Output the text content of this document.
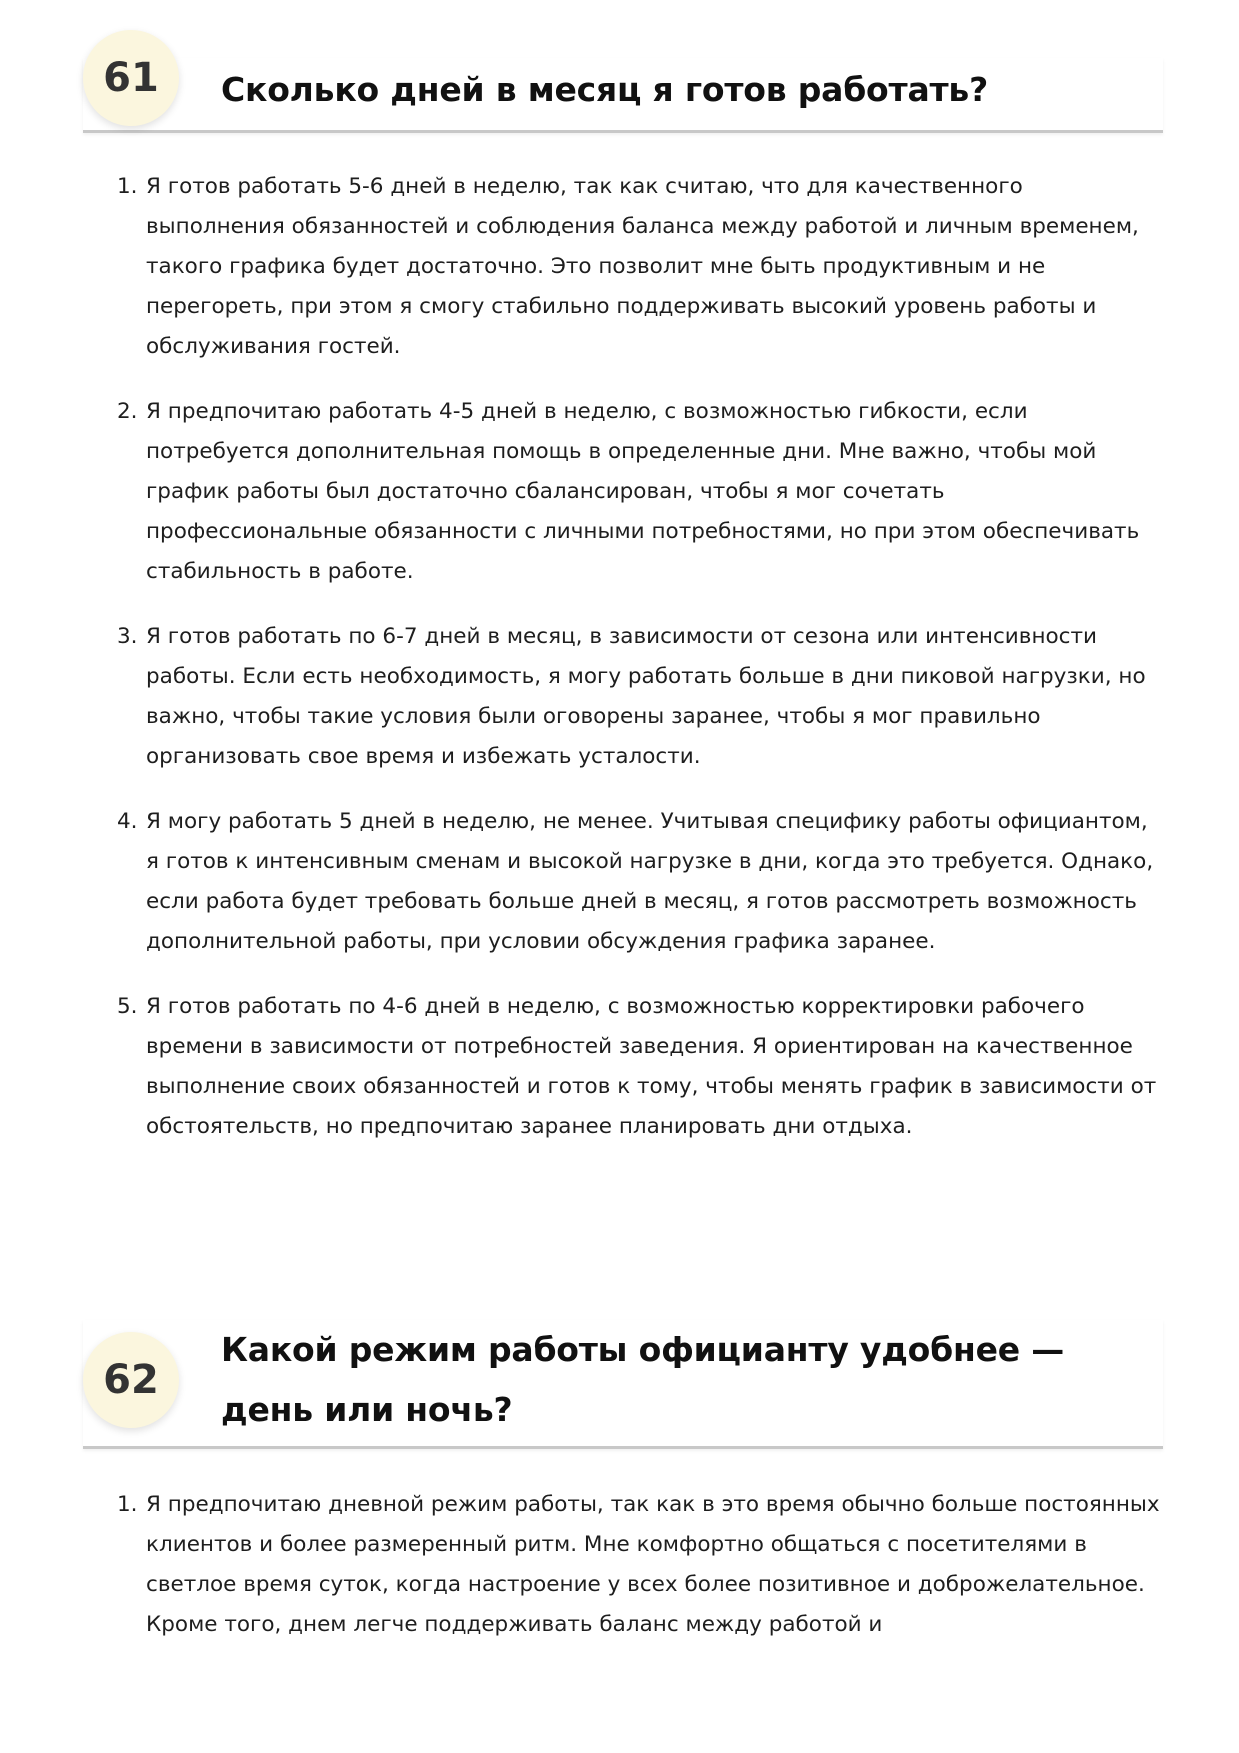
61	Сколько дней в месяц я готов работать?
1. Я готов работать 5-6 дней в неделю, так как считаю, что для качественного выполнения обязанностей и соблюдения баланса между работой и личным временем, такого графика будет достаточно. Это позволит мне быть продуктивным и не перегореть, при этом я смогу стабильно поддерживать высокий уровень работы и обслуживания гостей.
2. Я предпочитаю работать 4-5 дней в неделю, с возможностью гибкости, если потребуется дополнительная помощь в определенные дни. Мне важно, чтобы мой график работы был достаточно сбалансирован, чтобы я мог сочетать профессиональные обязанности с личными потребностями, но при этом обеспечивать стабильность в работе.
3. Я готов работать по 6-7 дней в месяц, в зависимости от сезона или интенсивности работы. Если есть необходимость, я могу работать больше в дни пиковой нагрузки, но важно, чтобы такие условия были оговорены заранее, чтобы я мог правильно организовать свое время и избежать усталости.
4. Я могу работать 5 дней в неделю, не менее. Учитывая специфику работы официантом, я готов к интенсивным сменам и высокой нагрузке в дни, когда это требуется. Однако, если работа будет требовать больше дней в месяц, я готов рассмотреть возможность дополнительной работы, при условии обсуждения графика заранее.
5. Я готов работать по 4-6 дней в неделю, с возможностью корректировки рабочего времени в зависимости от потребностей заведения. Я ориентирован на качественное выполнение своих обязанностей и готов к тому, чтобы менять график в зависимости от обстоятельств, но предпочитаю заранее планировать дни отдыха.
62
Какой режим работы официанту удобнее — день или ночь?
1. Я предпочитаю дневной режим работы, так как в это время обычно больше постоянных клиентов и более размеренный ритм. Мне комфортно общаться с посетителями в светлое время суток, когда настроение у всех более позитивное и доброжелательное. Кроме того, днем легче поддерживать баланс между работой и
